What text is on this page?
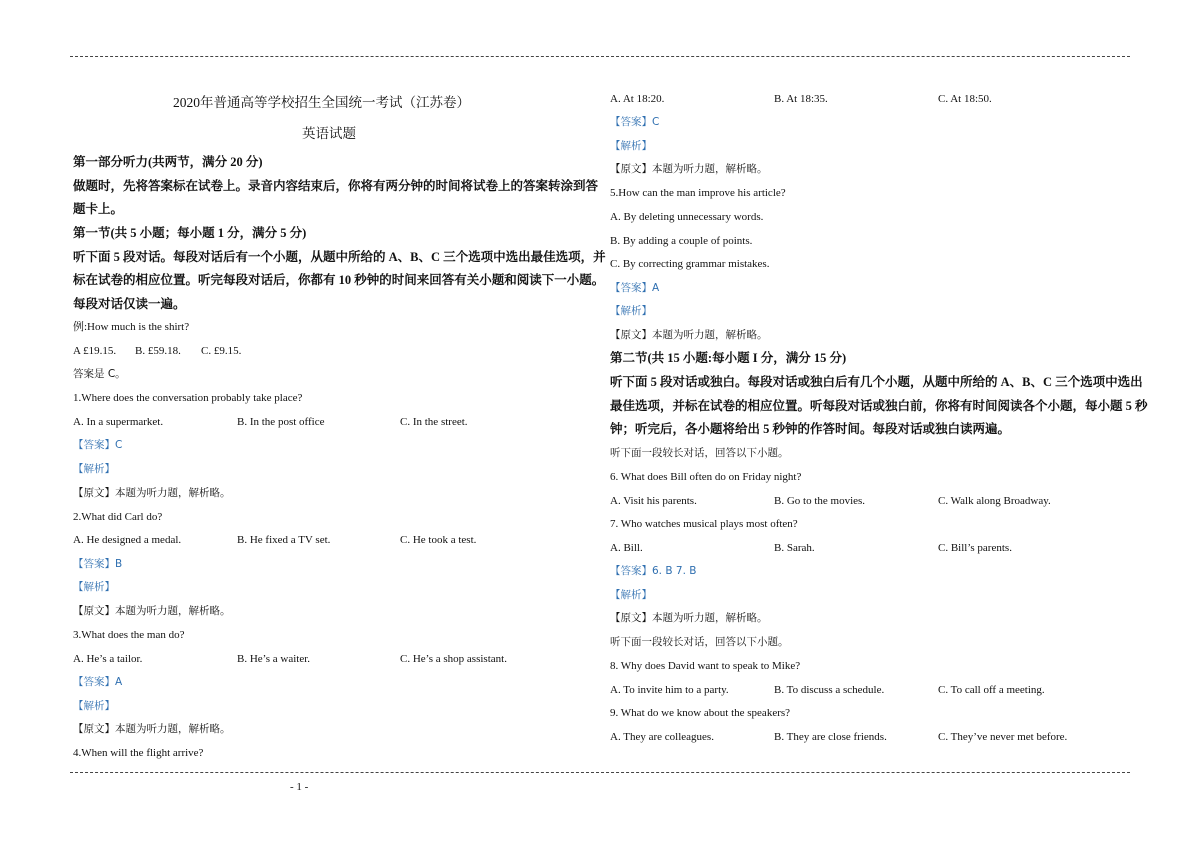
2020年普通高等学校招生全国统一考试（江苏卷）
英语试题
第一部分听力(共两节，满分 20 分)
做题时，先将答案标在试卷上。录音内容结束后，你将有两分钟的时间将试卷上的答案转涂到答
题卡上。
第一节(共 5 小题；每小题 1 分，满分 5 分)
听下面 5 段对话。每段对话后有一个小题，从题中所给的 A、B、C 三个选项中选出最佳选项，并
标在试卷的相应位置。听完每段对话后，你都有 10 秒钟的时间来回答有关小题和阅读下一小题。
每段对话仅读一遍。
例:How much is the shirt?
A £19.15. B. £59.18. C. £9.15.
答案是 C。
1.Where does the conversation probably take place?
A. In a supermarket.	B. In the post office	C. In the street.
【答案】C
【解析】
【原文】本题为听力题，解析略。
2.What did Carl do?
A. He designed a medal.	B. He fixed a TV set.	C. He took a test.
【答案】B
【解析】
【原文】本题为听力题，解析略。
3.What does the man do?
A. He’s a tailor.	B. He’s a waiter.	C. He’s a shop assistant.
【答案】A
【解析】
【原文】本题为听力题，解析略。
4.When will the flight arrive?
A. At 18:20.	B. At 18:35.	C. At 18:50.
【答案】C
【解析】
【原文】本题为听力题，解析略。
5.How can the man improve his article?
A. By deleting unnecessary words.
B. By adding a couple of points.
C. By correcting grammar mistakes.
【答案】A
【解析】
【原文】本题为听力题，解析略。
第二节(共 15 小题:每小题 I 分，满分 15 分)
听下面 5 段对话或独白。每段对话或独白后有几个小题，从题中所给的 A、B、C 三个选项中选出
最佳选项，并标在试卷的相应位置。听每段对话或独白前，你将有时间阅读各个小题，每小题 5 秒
钟；听完后，各小题将给出 5 秒钟的作答时间。每段对话或独白读两遍。
听下面一段较长对话，回答以下小题。
6. What does Bill often do on Friday night?
A. Visit his parents.	B. Go to the movies.	C. Walk along Broadway.
7. Who watches musical plays most often?
A. Bill.	B. Sarah.	C. Bill’s parents.
【答案】6. B 7. B
【解析】
【原文】本题为听力题，解析略。
听下面一段较长对话，回答以下小题。
8. Why does David want to speak to Mike?
A. To invite him to a party.	B. To discuss a schedule.	C. To call off a meeting.
9. What do we know about the speakers?
A. They are colleagues.	B. They are close friends.	C. They’ve never met before.
- 1 -
